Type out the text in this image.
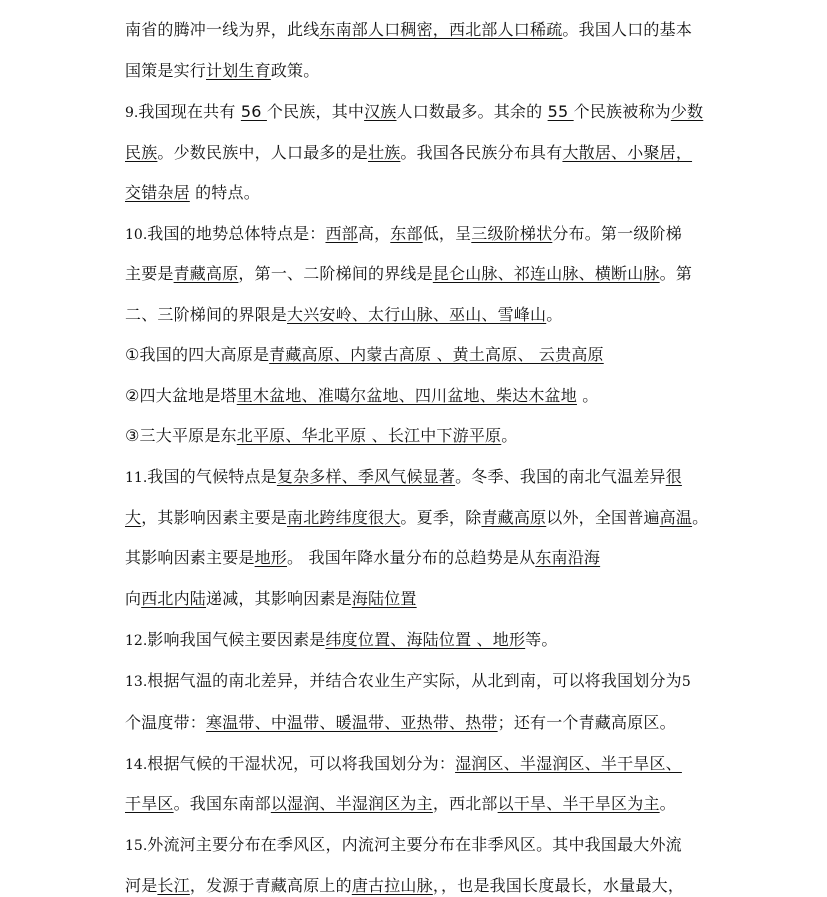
南省的腾冲一线为界，此线东南部人口稠密，西北部人口稀疏。我国人口的基本
国策是实行计划生育政策。
9.我国现在共有 56 个民族，其中汉族人口数最多。其余的 55 个民族被称为少数
民族。少数民族中，人口最多的是壮族。我国各民族分布具有大散居、小聚居，
交错杂居 的特点。
10.我国的地势总体特点是：西部高，东部低，呈三级阶梯状分布。第一级阶梯
主要是青藏高原，第一、二阶梯间的界线是昆仑山脉、祁连山脉、横断山脉。第
二、三阶梯间的界限是大兴安岭、太行山脉、巫山、雪峰山。
①我国的四大高原是青藏高原、内蒙古高原 、黄土高原、 云贵高原
②四大盆地是塔里木盆地、准噶尔盆地、四川盆地、柴达木盆地 。
③三大平原是东北平原、华北平原 、长江中下游平原。
11.我国的气候特点是复杂多样、季风气候显著。冬季、我国的南北气温差异很
大，其影响因素主要是南北跨纬度很大。夏季，除青藏高原以外，全国普遍高温。
其影响因素主要是地形。 我国年降水量分布的总趋势是从东南沿海
向西北内陆递减，其影响因素是海陆位置
12.影响我国气候主要因素是纬度位置、海陆位置 、地形等。
13.根据气温的南北差异，并结合农业生产实际，从北到南，可以将我国划分为5
个温度带：寒温带、中温带、暖温带、亚热带、热带；还有一个青藏高原区。
14.根据气候的干湿状况，可以将我国划分为：湿润区、半湿润区、半干旱区、
干旱区。我国东南部以湿润、半湿润区为主，西北部以干旱、半干旱区为主。
15.外流河主要分布在季风区，内流河主要分布在非季风区。其中我国最大外流
河是长江，发源于青藏高原上的唐古拉山脉，，也是我国长度最长，水量最大，
